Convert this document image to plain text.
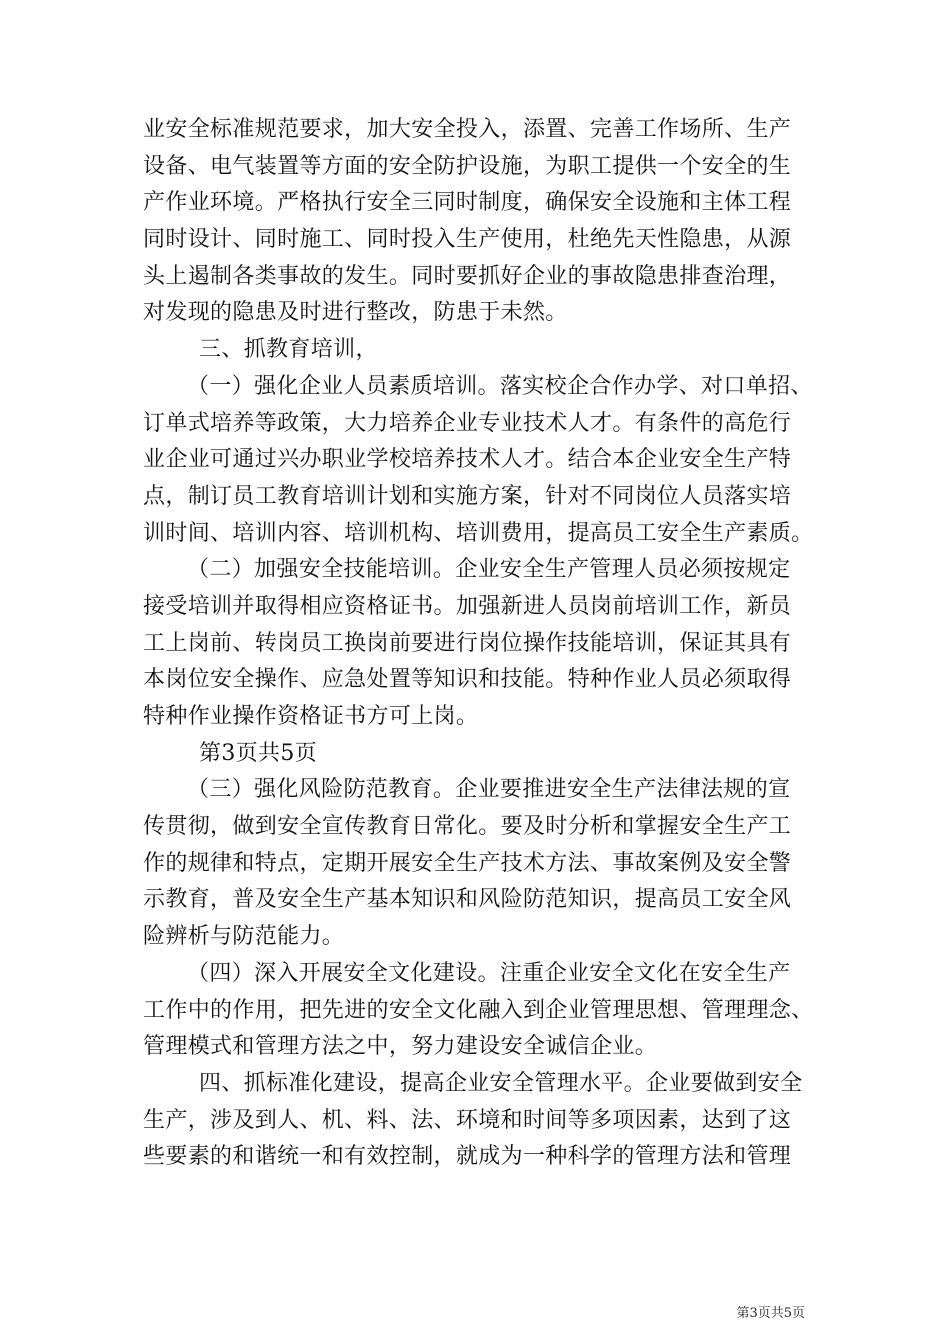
业安全标准规范要求，加大安全投入，添置、完善工作场所、生产
设备、电气装置等方面的安全防护设施，为职工提供一个安全的生
产作业环境。严格执行安全三同时制度，确保安全设施和主体工程
同时设计、同时施工、同时投入生产使用，杜绝先天性隐患，从源
头上遏制各类事故的发生。同时要抓好企业的事故隐患排查治理，
对发现的隐患及时进行整改，防患于未然。
三、抓教育培训，
（一）强化企业人员素质培训。落实校企合作办学、对口单招、
订单式培养等政策，大力培养企业专业技术人才。有条件的高危行
业企业可通过兴办职业学校培养技术人才。结合本企业安全生产特
点，制订员工教育培训计划和实施方案，针对不同岗位人员落实培
训时间、培训内容、培训机构、培训费用，提高员工安全生产素质。
（二）加强安全技能培训。企业安全生产管理人员必须按规定
接受培训并取得相应资格证书。加强新进人员岗前培训工作，新员
工上岗前、转岗员工换岗前要进行岗位操作技能培训，保证其具有
本岗位安全操作、应急处置等知识和技能。特种作业人员必须取得
特种作业操作资格证书方可上岗。
第3页共5页
（三）强化风险防范教育。企业要推进安全生产法律法规的宣
传贯彻，做到安全宣传教育日常化。要及时分析和掌握安全生产工
作的规律和特点，定期开展安全生产技术方法、事故案例及安全警
示教育，普及安全生产基本知识和风险防范知识，提高员工安全风
险辨析与防范能力。
（四）深入开展安全文化建设。注重企业安全文化在安全生产
工作中的作用，把先进的安全文化融入到企业管理思想、管理理念、
管理模式和管理方法之中，努力建设安全诚信企业。
四、抓标准化建设，提高企业安全管理水平。企业要做到安全
生产，涉及到人、机、料、法、环境和时间等多项因素，达到了这
些要素的和谐统一和有效控制，就成为一种科学的管理方法和管理
第3页共5页
